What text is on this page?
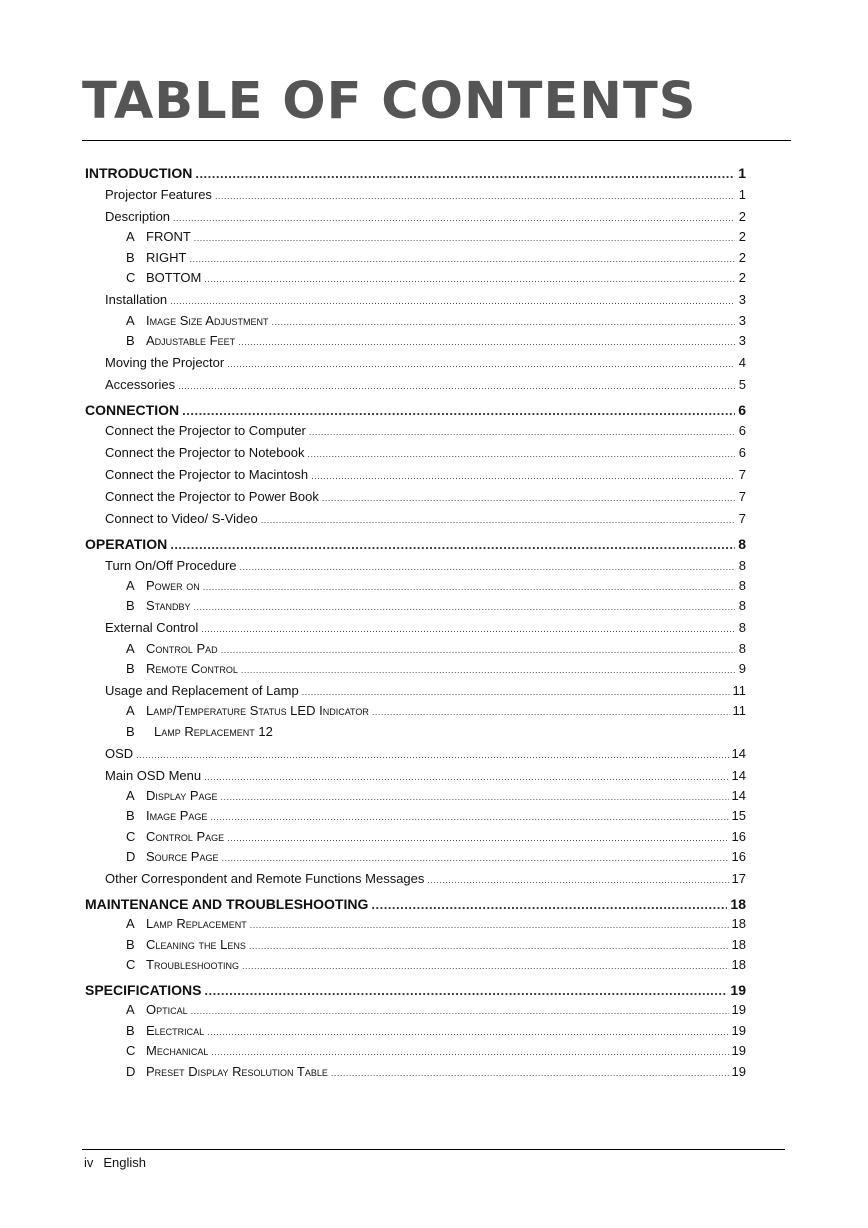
TABLE OF CONTENTS
INTRODUCTION .....	1
Projector Features .....	1
Description .....	2
A FRONT .....	2
B RIGHT .....	2
C BOTTOM .....	2
Installation .....	3
A Image Size Adjustment .....	3
B Adjustable Feet .....	3
Moving the Projector .....	4
Accessories .....	5
CONNECTION .....	6
Connect the Projector to Computer .....	6
Connect the Projector to Notebook .....	6
Connect the Projector to Macintosh .....	7
Connect the Projector to Power Book .....	7
Connect to Video/ S-Video .....	7
OPERATION .....	8
Turn On/Off Procedure .....	8
A Power on .....	8
B Standby .....	8
External Control .....	8
A Control Pad .....	8
B Remote Control .....	9
Usage and Replacement of Lamp .....	11
A Lamp/Temperature Status LED Indicator .....	11
B Lamp Replacement 12
OSD .....	14
Main OSD Menu .....	14
A Display Page .....	14
B Image Page .....	15
C Control Page .....	16
D Source Page .....	16
Other Correspondent and Remote Functions Messages .....	17
MAINTENANCE AND TROUBLESHOOTING .....	18
A Lamp Replacement .....	18
B Cleaning the Lens .....	18
C Troubleshooting .....	18
SPECIFICATIONS .....	19
A Optical .....	19
B Electrical .....	19
C Mechanical .....	19
D Preset Display Resolution Table .....	19
iv English
